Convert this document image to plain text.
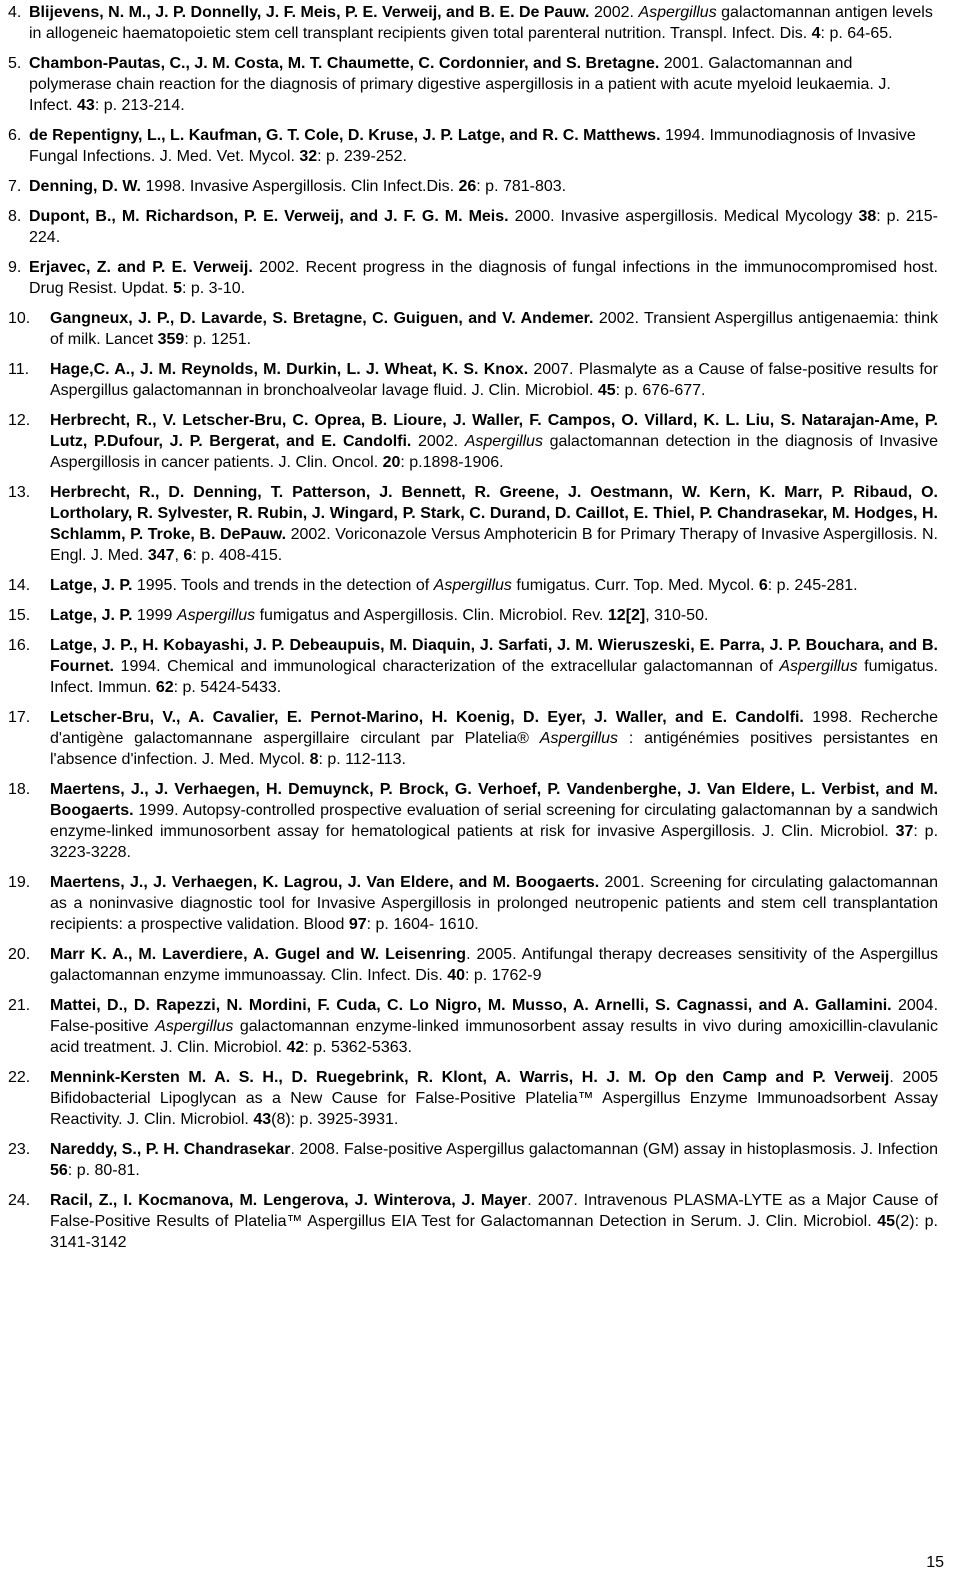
4. Blijevens, N. M., J. P. Donnelly, J. F. Meis, P. E. Verweij, and B. E. De Pauw. 2002. Aspergillus galactomannan antigen levels in allogeneic haematopoietic stem cell transplant recipients given total parenteral nutrition. Transpl. Infect. Dis. 4: p. 64-65.
5. Chambon-Pautas, C., J. M. Costa, M. T. Chaumette, C. Cordonnier, and S. Bretagne. 2001. Galactomannan and polymerase chain reaction for the diagnosis of primary digestive aspergillosis in a patient with acute myeloid leukaemia. J. Infect. 43: p. 213-214.
6. de Repentigny, L., L. Kaufman, G. T. Cole, D. Kruse, J. P. Latge, and R. C. Matthews. 1994. Immunodiagnosis of Invasive Fungal Infections. J. Med. Vet. Mycol. 32: p. 239-252.
7. Denning, D. W. 1998. Invasive Aspergillosis. Clin Infect.Dis. 26: p. 781-803.
8. Dupont, B., M. Richardson, P. E. Verweij, and J. F. G. M. Meis. 2000. Invasive aspergillosis. Medical Mycology 38: p. 215-224.
9. Erjavec, Z. and P. E. Verweij. 2002. Recent progress in the diagnosis of fungal infections in the immunocompromised host. Drug Resist. Updat. 5: p. 3-10.
10.	Gangneux, J. P., D. Lavarde, S. Bretagne, C. Guiguen, and V. Andemer. 2002. Transient Aspergillus antigenaemia: think of milk. Lancet 359: p. 1251.
11.	Hage,C. A., J. M. Reynolds, M. Durkin, L. J. Wheat, K. S. Knox. 2007. Plasmalyte as a Cause of false-positive results for Aspergillus galactomannan in bronchoalveolar lavage fluid. J. Clin. Microbiol. 45: p. 676-677.
12.	Herbrecht, R., V. Letscher-Bru, C. Oprea, B. Lioure, J. Waller, F. Campos, O. Villard, K. L. Liu, S. Natarajan-Ame, P. Lutz, P.Dufour, J. P. Bergerat, and E. Candolfi. 2002. Aspergillus galactomannan detection in the diagnosis of Invasive Aspergillosis in cancer patients. J. Clin. Oncol. 20: p.1898-1906.
13.	Herbrecht, R., D. Denning, T. Patterson, J. Bennett, R. Greene, J. Oestmann, W. Kern, K. Marr, P. Ribaud, O. Lortholary, R. Sylvester, R. Rubin, J. Wingard, P. Stark, C. Durand, D. Caillot, E. Thiel, P. Chandrasekar, M. Hodges, H. Schlamm, P. Troke, B. DePauw. 2002. Voriconazole Versus Amphotericin B for Primary Therapy of Invasive Aspergillosis. N. Engl. J. Med. 347, 6: p. 408-415.
14.	Latge, J. P. 1995. Tools and trends in the detection of Aspergillus fumigatus. Curr. Top. Med. Mycol. 6: p. 245-281.
15.	Latge, J. P. 1999 Aspergillus fumigatus and Aspergillosis. Clin. Microbiol. Rev. 12[2], 310-50.
16.	Latge, J. P., H. Kobayashi, J. P. Debeaupuis, M. Diaquin, J. Sarfati, J. M. Wieruszeski, E. Parra, J. P. Bouchara, and B. Fournet. 1994. Chemical and immunological characterization of the extracellular galactomannan of Aspergillus fumigatus. Infect. Immun. 62: p. 5424-5433.
17.	Letscher-Bru, V., A. Cavalier, E. Pernot-Marino, H. Koenig, D. Eyer, J. Waller, and E. Candolfi. 1998. Recherche d'antigène galactomannane aspergillaire circulant par Platelia® Aspergillus : antigénémies positives persistantes en l'absence d'infection. J. Med. Mycol. 8: p. 112-113.
18.	Maertens, J., J. Verhaegen, H. Demuynck, P. Brock, G. Verhoef, P. Vandenberghe, J. Van Eldere, L. Verbist, and M. Boogaerts. 1999. Autopsy-controlled prospective evaluation of serial screening for circulating galactomannan by a sandwich enzyme-linked immunosorbent assay for hematological patients at risk for invasive Aspergillosis. J. Clin. Microbiol. 37: p. 3223-3228.
19.	Maertens, J., J. Verhaegen, K. Lagrou, J. Van Eldere, and M. Boogaerts. 2001. Screening for circulating galactomannan as a noninvasive diagnostic tool for Invasive Aspergillosis in prolonged neutropenic patients and stem cell transplantation recipients: a prospective validation. Blood 97: p. 1604- 1610.
20.	Marr K. A., M. Laverdiere, A. Gugel and W. Leisenring. 2005. Antifungal therapy decreases sensitivity of the Aspergillus galactomannan enzyme immunoassay. Clin. Infect. Dis. 40: p. 1762-9
21.	Mattei, D., D. Rapezzi, N. Mordini, F. Cuda, C. Lo Nigro, M. Musso, A. Arnelli, S. Cagnassi, and A. Gallamini. 2004. False-positive Aspergillus galactomannan enzyme-linked immunosorbent assay results in vivo during amoxicillin-clavulanic acid treatment. J. Clin. Microbiol. 42: p. 5362-5363.
22.	Mennink-Kersten M. A. S. H., D. Ruegebrink, R. Klont, A. Warris, H. J. M. Op den Camp and P. Verweij. 2005 Bifidobacterial Lipoglycan as a New Cause for False-Positive Platelia™ Aspergillus Enzyme Immunoadsorbent Assay Reactivity. J. Clin. Microbiol. 43(8): p. 3925-3931.
23.	Nareddy, S., P. H. Chandrasekar. 2008. False-positive Aspergillus galactomannan (GM) assay in histoplasmosis. J. Infection 56: p. 80-81.
24.	Racil, Z., I. Kocmanova, M. Lengerova, J. Winterova, J. Mayer. 2007. Intravenous PLASMA-LYTE as a Major Cause of False-Positive Results of Platelia™ Aspergillus EIA Test for Galactomannan Detection in Serum. J. Clin. Microbiol. 45(2): p. 3141-3142
15
